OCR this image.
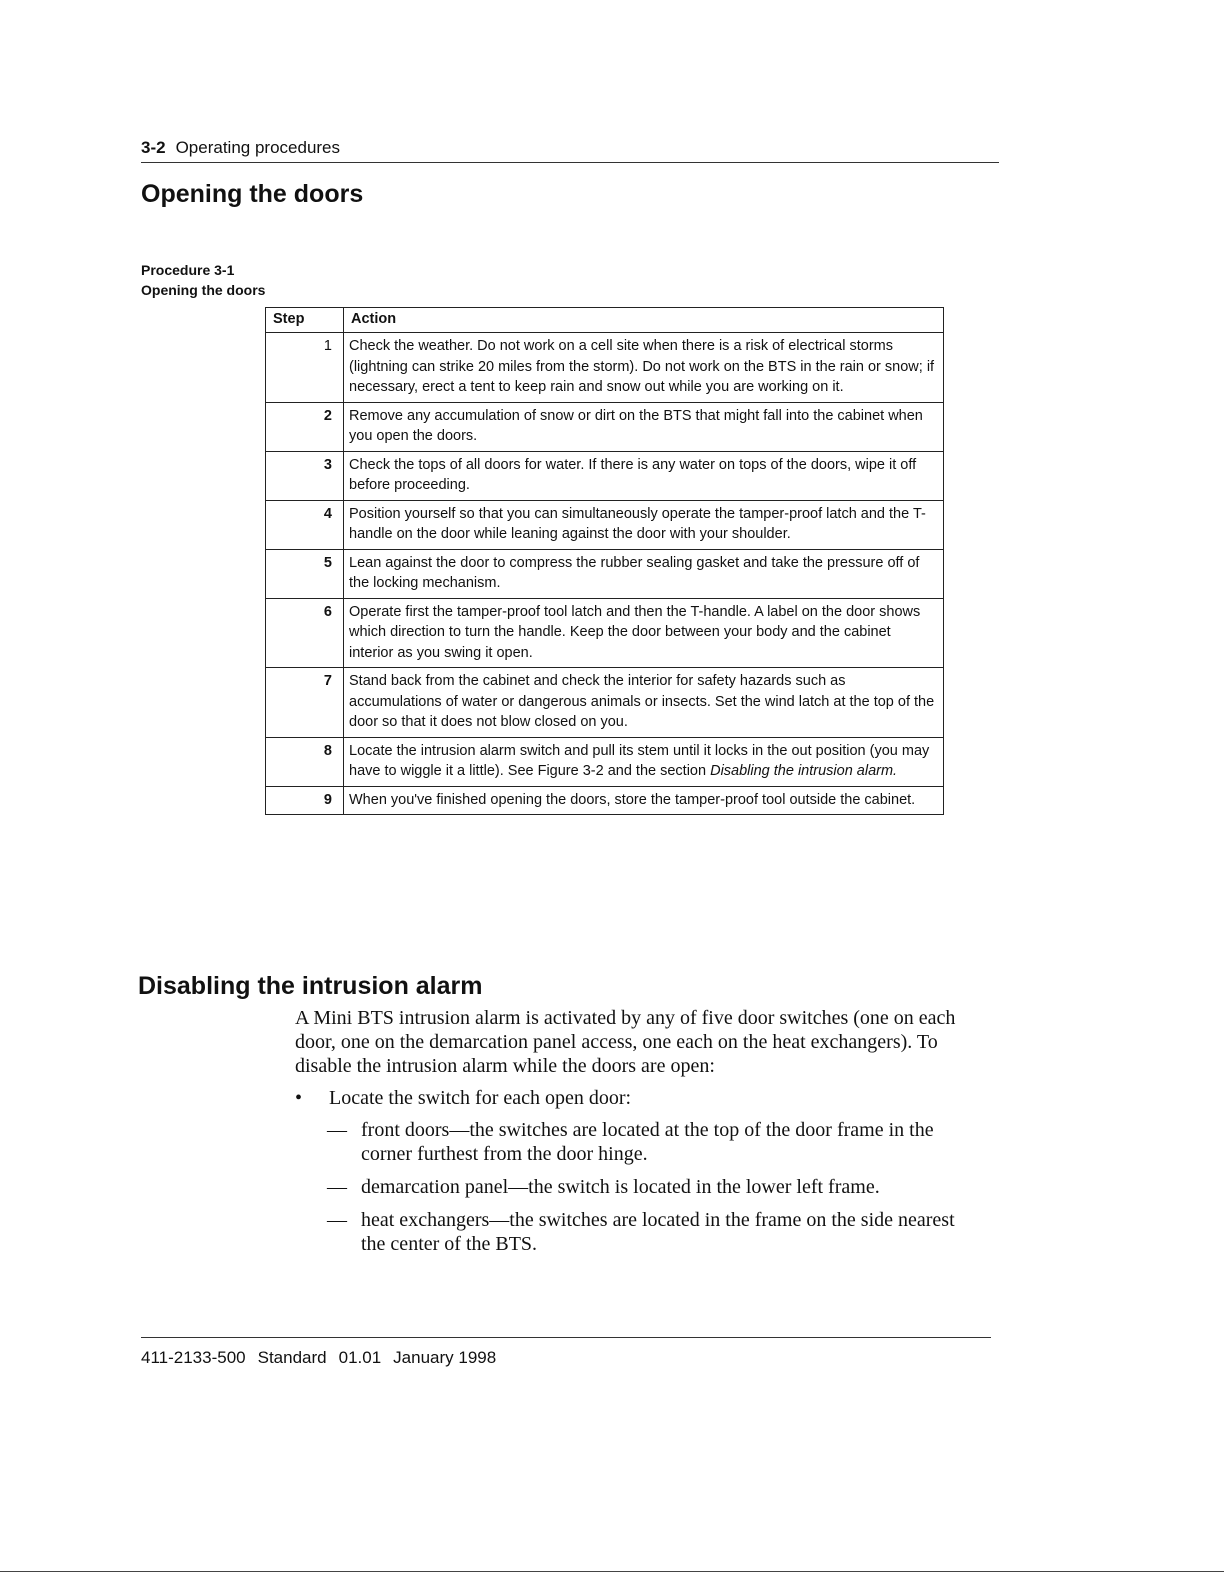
3-2 Operating procedures
Opening the doors
Procedure 3-1
Opening the doors
Step	Action
1	Check the weather. Do not work on a cell site when there is a risk of electrical storms (lightning can strike 20 miles from the storm). Do not work on the BTS in the rain or snow; if necessary, erect a tent to keep rain and snow out while you are working on it.
2	Remove any accumulation of snow or dirt on the BTS that might fall into the cabinet when you open the doors.
3	Check the tops of all doors for water. If there is any water on tops of the doors, wipe it off before proceeding.
4	Position yourself so that you can simultaneously operate the tamper-proof latch and the T-handle on the door while leaning against the door with your shoulder.
5	Lean against the door to compress the rubber sealing gasket and take the pressure off of the locking mechanism.
6	Operate first the tamper-proof tool latch and then the T-handle. A label on the door shows which direction to turn the handle. Keep the door between your body and the cabinet interior as you swing it open.
7	Stand back from the cabinet and check the interior for safety hazards such as accumulations of water or dangerous animals or insects. Set the wind latch at the top of the door so that it does not blow closed on you.
8	Locate the intrusion alarm switch and pull its stem until it locks in the out position (you may have to wiggle it a little). See Figure 3-2 and the section Disabling the intrusion alarm.
9	When you've finished opening the doors, store the tamper-proof tool outside the cabinet.
Disabling the intrusion alarm

A Mini BTS intrusion alarm is activated by any of five door switches (one on each door, one on the demarcation panel access, one each on the heat exchangers). To disable the intrusion alarm while the doors are open:

• Locate the switch for each open door:
— front doors—the switches are located at the top of the door frame in the corner furthest from the door hinge.
— demarcation panel—the switch is located in the lower left frame.
— heat exchangers—the switches are located in the frame on the side nearest the center of the BTS.
411-2133-500 Standard 01.01 January 1998
